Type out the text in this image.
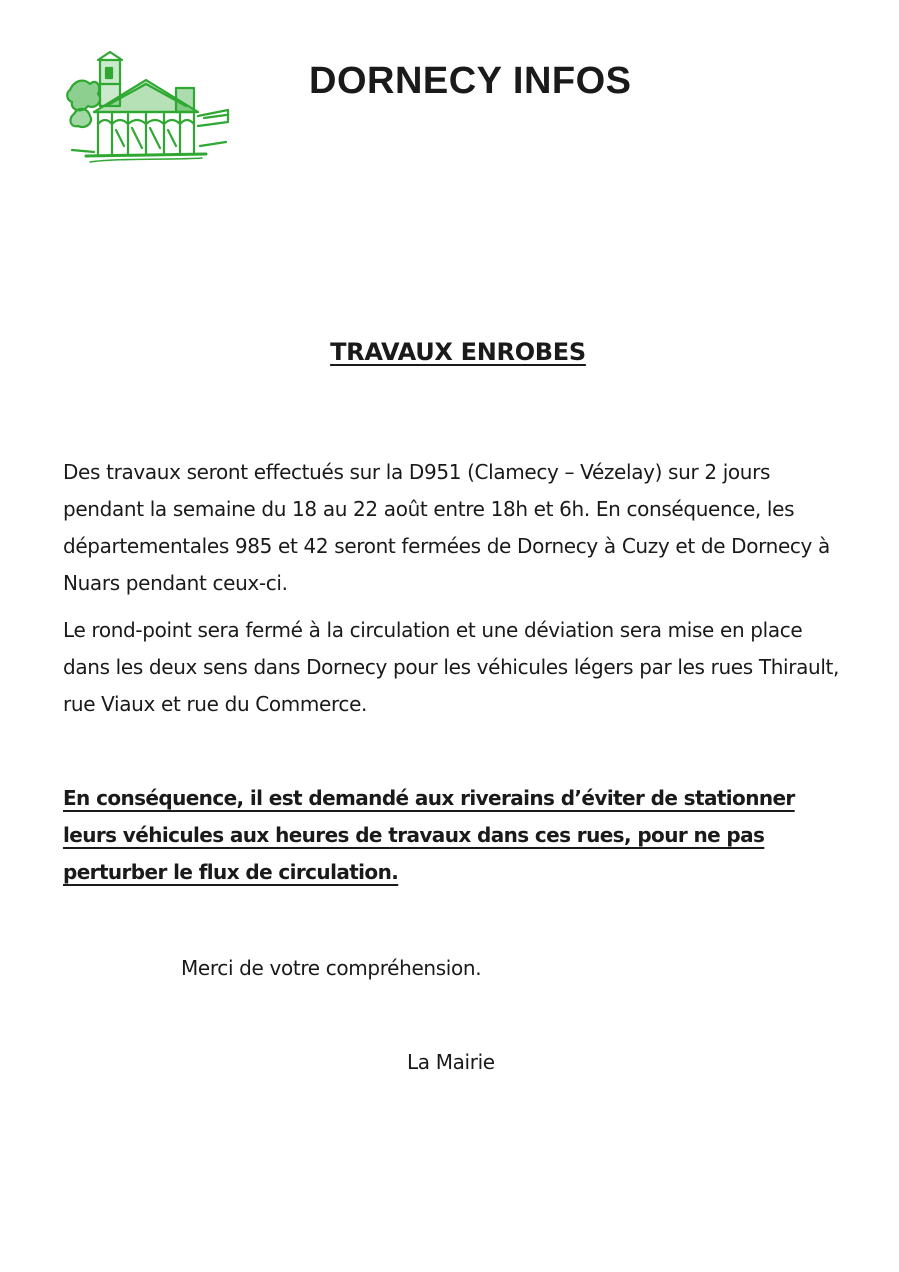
DORNECY INFOS
TRAVAUX ENROBES

Des travaux seront effectués sur la D951 (Clamecy – Vézelay) sur 2 jours pendant la semaine du 18 au 22 août entre 18h et 6h. En conséquence, les départementales 985 et 42 seront fermées de Dornecy à Cuzy et de Dornecy à Nuars pendant ceux-ci.

Le rond-point sera fermé à la circulation et une déviation sera mise en place dans les deux sens dans Dornecy pour les véhicules légers par les rues Thirault, rue Viaux et rue du Commerce.

En conséquence, il est demandé aux riverains d’éviter de stationner leurs véhicules aux heures de travaux dans ces rues, pour ne pas perturber le flux de circulation.

Merci de votre compréhension.

La Mairie
